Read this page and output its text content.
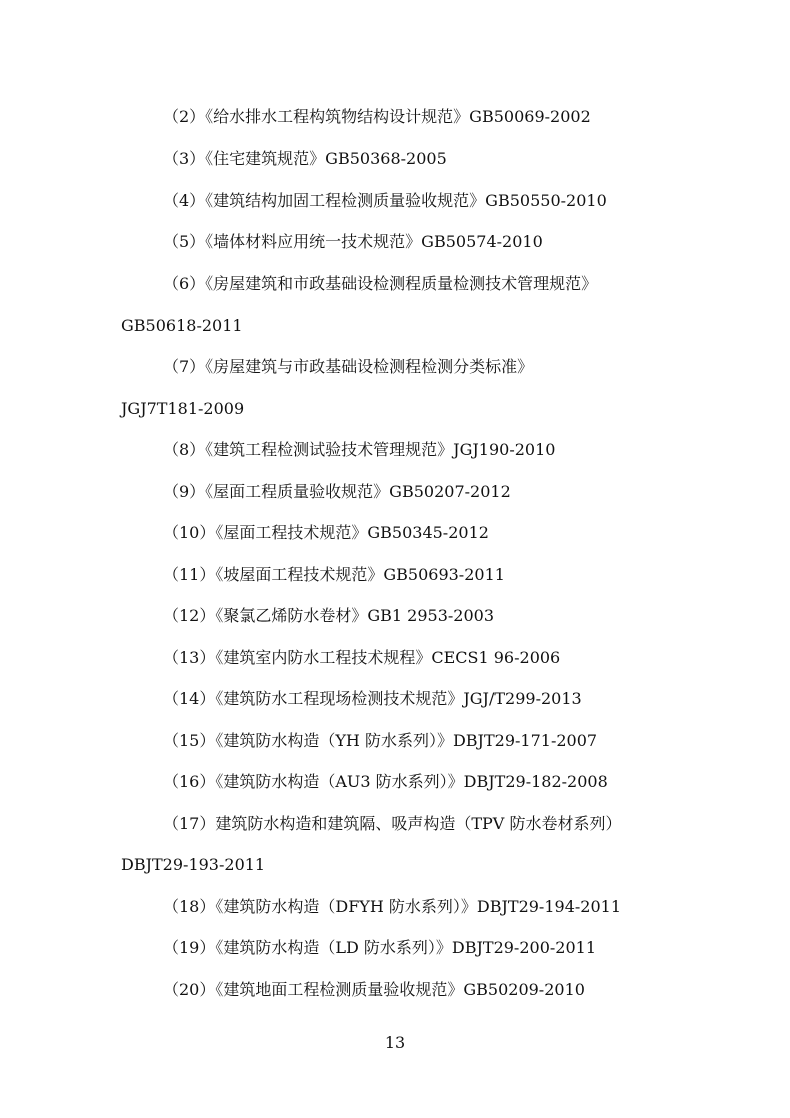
（2）《给水排水工程构筑物结构设计规范》GB50069-2002
（3）《住宅建筑规范》GB50368-2005
（4）《建筑结构加固工程检测质量验收规范》GB50550-2010
（5）《墙体材料应用统一技术规范》GB50574-2010
（6）《房屋建筑和市政基础设检测程质量检测技术管理规范》
GB50618-2011
（7）《房屋建筑与市政基础设检测程检测分类标准》
JGJ7T181-2009
（8）《建筑工程检测试验技术管理规范》JGJ190-2010
（9）《屋面工程质量验收规范》GB50207-2012
（10）《屋面工程技术规范》GB50345-2012
（11）《坡屋面工程技术规范》GB50693-2011
（12）《聚氯乙烯防水卷材》GB1 2953-2003
（13）《建筑室内防水工程技术规程》CECS1 96-2006
（14）《建筑防水工程现场检测技术规范》JGJ/T299-2013
（15）《建筑防水构造（YH 防水系列）》DBJT29-171-2007
（16）《建筑防水构造（AU3 防水系列）》DBJT29-182-2008
（17）建筑防水构造和建筑隔、吸声构造（TPV 防水卷材系列）
DBJT29-193-2011
（18）《建筑防水构造（DFYH 防水系列）》DBJT29-194-2011
（19）《建筑防水构造（LD 防水系列）》DBJT29-200-2011
（20）《建筑地面工程检测质量验收规范》GB50209-2010
13
